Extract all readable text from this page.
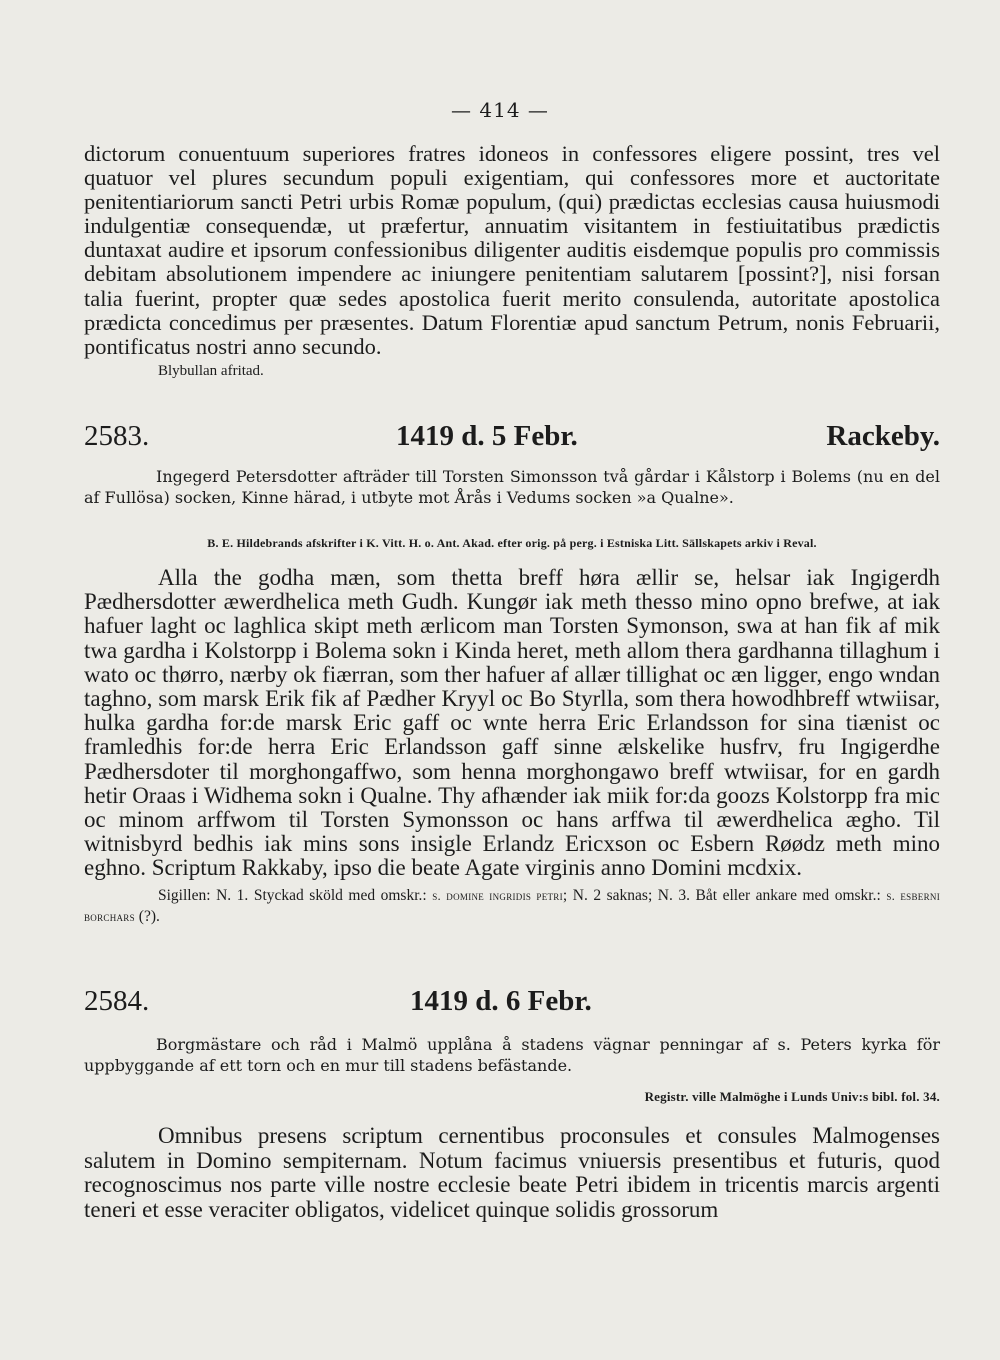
— 414 —

dictorum conuentuum superiores fratres idoneos in confessores eligere possint, tres vel quatuor vel plures secundum populi exigentiam, qui confessores more et auctoritate penitentiariorum sancti Petri urbis Romæ populum, (qui) prædictas ecclesias causa huiusmodi indulgentiæ consequendæ, ut præfertur, annuatim visitantem in festiuitatibus prædictis duntaxat audire et ipsorum confessionibus diligenter auditis eisdemque populis pro commissis debitam absolutionem impendere ac iniungere penitentiam salutarem [possint?], nisi forsan talia fuerint, propter quæ sedes apostolica fuerit merito consulenda, autoritate apostolica prædicta concedimus per præsentes. Datum Florentiæ apud sanctum Petrum, nonis Februarii, pontificatus nostri anno secundo.

Blybullan afritad.

2583.	1419 d. 5 Febr.	Rackeby.

Ingegerd Petersdotter afträder till Torsten Simonsson två gårdar i Kålstorp i Bolems (nu en del af Fullösa) socken, Kinne härad, i utbyte mot Årås i Vedums socken »a Qualne».

B. E. Hildebrands afskrifter i K. Vitt. H. o. Ant. Akad. efter orig. på perg. i Estniska Litt. Sällskapets arkiv i Reval.

Alla the godha mæn, som thetta breff høra ællir se, helsar iak Ingigerdh Pædhersdotter æwerdhelica meth Gudh. Kungør iak meth thesso mino opno brefwe, at iak hafuer laght oc laghlica skipt meth ærlicom man Torsten Symonson, swa at han fik af mik twa gardha i Kolstorpp i Bolema sokn i Kinda heret, meth allom thera gardhanna tillaghum i wato oc thørro, nærby ok fiærran, som ther hafuer af allær tillighat oc æn ligger, engo wndan taghno, som marsk Erik fik af Pædher Kryyl oc Bo Styrlla, som thera howodhbreff wtwiisar, hulka gardha for:de marsk Eric gaff oc wnte herra Eric Erlandsson for sina tiænist oc framledhis for:de herra Eric Erlandsson gaff sinne ælskelike husfrv, fru Ingigerdhe Pædhersdoter til morghongaffwo, som henna morghongawo breff wtwiisar, for en gardh hetir Oraas i Widhema sokn i Qualne. Thy afhænder iak miik for:da goozs Kolstorpp fra mic oc minom arffwom til Torsten Symonsson oc hans arffwa til æwerdhelica ægho. Til witnisbyrd bedhis iak mins sons insigle Erlandz Ericxson oc Esbern Røødz meth mino eghno. Scriptum Rakkaby, ipso die beate Agate virginis anno Domini mcdxix.

Sigillen: N. 1. Styckad sköld med omskr.: s. domine ingridis petri; N. 2 saknas; N. 3. Båt eller ankare med omskr.: s. esberni borchars (?).

2584.	1419 d. 6 Febr.

Borgmästare och råd i Malmö upplåna å stadens vägnar penningar af s. Peters kyrka för uppbyggande af ett torn och en mur till stadens befästande.

Registr. ville Malmöghe i Lunds Univ:s bibl. fol. 34.

Omnibus presens scriptum cernentibus proconsules et consules Malmogenses salutem in Domino sempiternam. Notum facimus vniuersis presentibus et futuris, quod recognoscimus nos parte ville nostre ecclesie beate Petri ibidem in tricentis marcis argenti teneri et esse veraciter obligatos, videlicet quinque solidis grossorum
